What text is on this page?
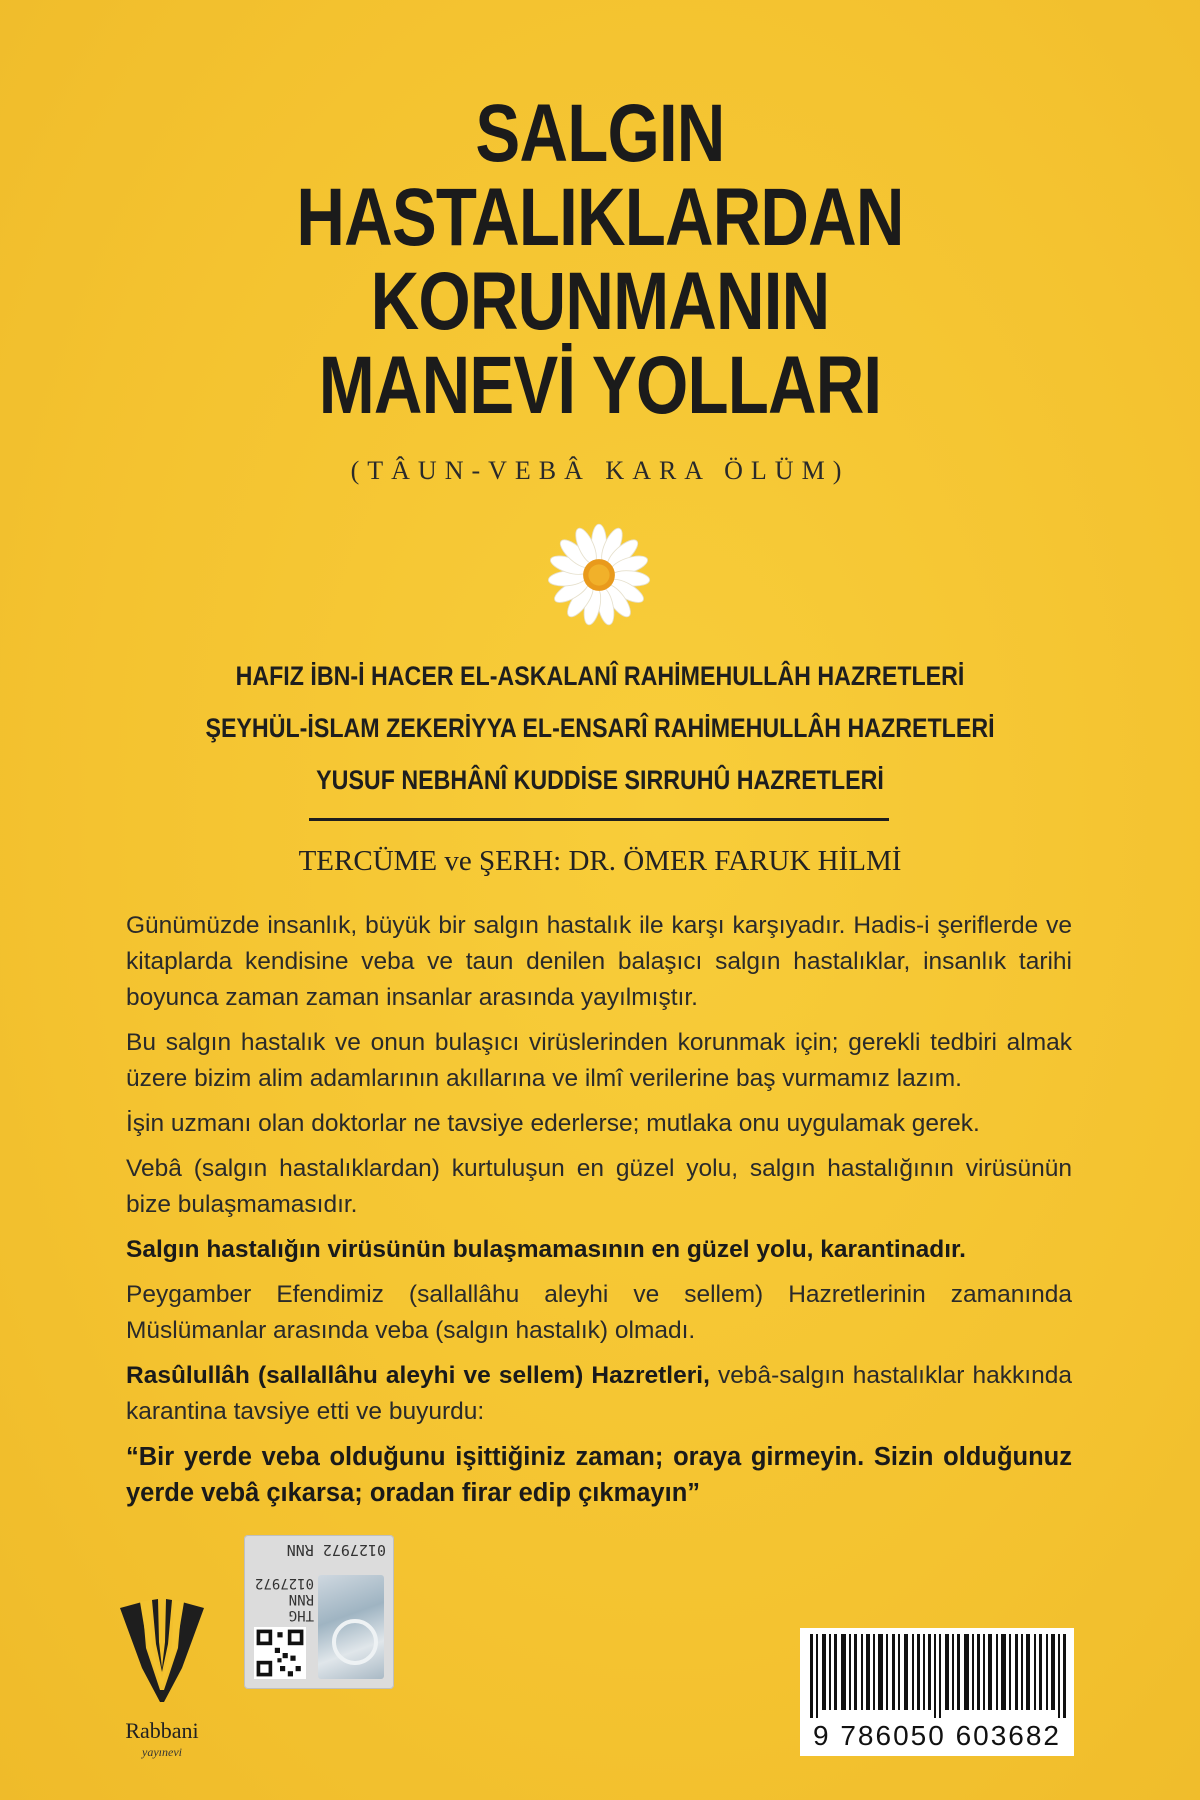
SALGIN
HASTALIKLARDAN
KORUNMANIN
MANEVİ YOLLARI
(TÂUN-VEBÂ KARA ÖLÜM)
HAFIZ İBN-İ HACER EL-ASKALANÎ RAHİMEHULLÂH HAZRETLERİ
ŞEYHÜL-İSLAM ZEKERİYYA EL-ENSARÎ RAHİMEHULLÂH HAZRETLERİ
YUSUF NEBHÂNÎ KUDDİSE SIRRUHÛ HAZRETLERİ
TERCÜME ve ŞERH: DR. ÖMER FARUK HİLMİ

Günümüzde insanlık, büyük bir salgın hastalık ile karşı karşıyadır. Hadis-i şeriflerde ve kitaplarda kendisine veba ve taun denilen balaşıcı salgın hastalıklar, insanlık tarihi boyunca zaman zaman insanlar arasında yayılmıştır.

Bu salgın hastalık ve onun bulaşıcı virüslerinden korunmak için; gerekli tedbiri almak üzere bizim alim adamlarının akıllarına ve ilmî verilerine baş vurmamız lazım.

İşin uzmanı olan doktorlar ne tavsiye ederlerse; mutlaka onu uygulamak gerek.

Vebâ (salgın hastalıklardan) kurtuluşun en güzel yolu, salgın hastalığının virüsünün bize bulaşmamasıdır.

Salgın hastalığın virüsünün bulaşmamasının en güzel yolu, karantinadır.

Peygamber Efendimiz (sallallâhu aleyhi ve sellem) Hazretlerinin zamanında Müslümanlar arasında veba (salgın hastalık) olmadı.

Rasûlullâh (sallallâhu aleyhi ve sellem) Hazretleri, vebâ-salgın hastalıklar hakkında karantina tavsiye etti ve buyurdu:

“Bir yerde veba olduğunu işittiğiniz zaman; oraya girmeyin. Sizin olduğunuz yerde vebâ çıkarsa; oradan firar edip çıkmayın”

Rabbani
yayınevi
0127972 RNN
THG
RNN
0127972
9 786050 603682
